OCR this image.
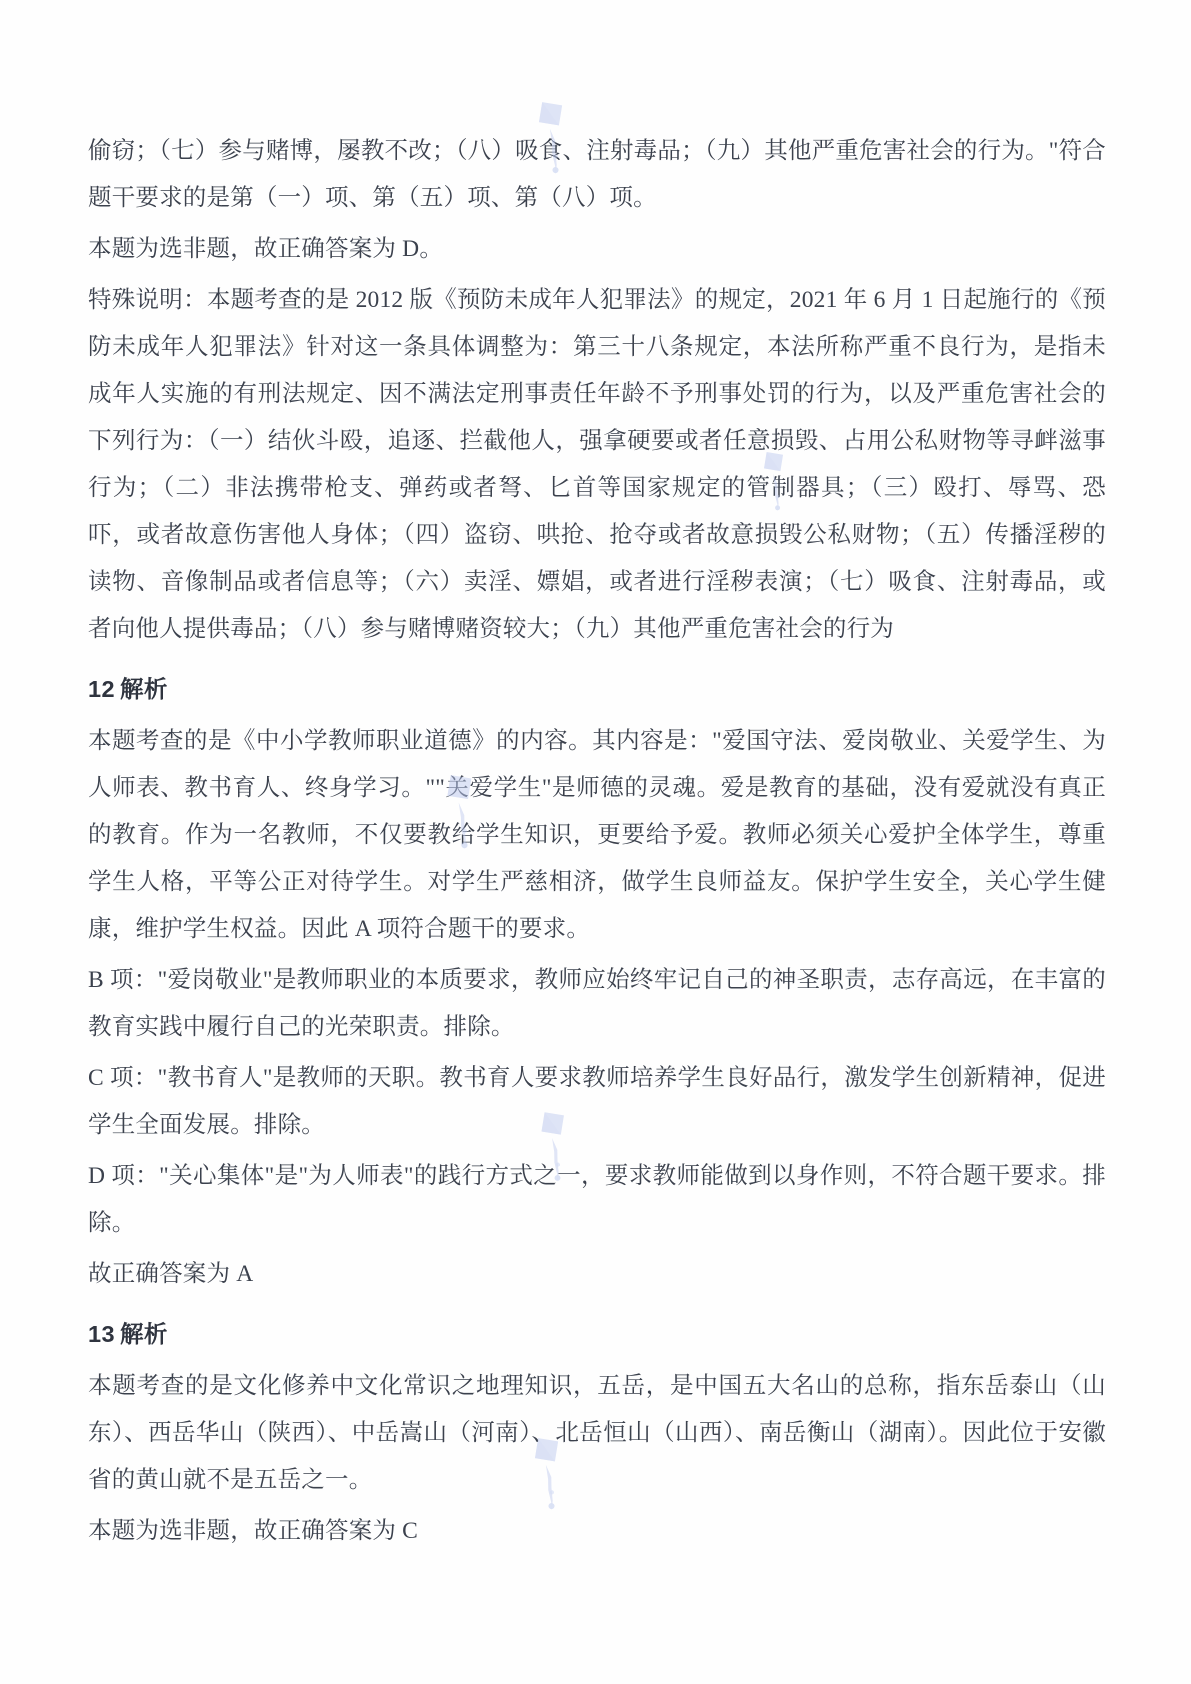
偷窃；（七）参与赌博，屡教不改；（八）吸食、注射毒品；（九）其他严重危害社会的行为。"符合题干要求的是第（一）项、第（五）项、第（八）项。

本题为选非题，故正确答案为 D。

特殊说明：本题考查的是 2012 版《预防未成年人犯罪法》的规定，2021 年 6 月 1 日起施行的《预防未成年人犯罪法》针对这一条具体调整为：第三十八条规定，本法所称严重不良行为，是指未成年人实施的有刑法规定、因不满法定刑事责任年龄不予刑事处罚的行为，以及严重危害社会的下列行为：（一）结伙斗殴，追逐、拦截他人，强拿硬要或者任意损毁、占用公私财物等寻衅滋事行为；（二）非法携带枪支、弹药或者弩、匕首等国家规定的管制器具；（三）殴打、辱骂、恐吓，或者故意伤害他人身体；（四）盗窃、哄抢、抢夺或者故意损毁公私财物；（五）传播淫秽的读物、音像制品或者信息等；（六）卖淫、嫖娼，或者进行淫秽表演；（七）吸食、注射毒品，或者向他人提供毒品；（八）参与赌博赌资较大；（九）其他严重危害社会的行为

12 解析

本题考查的是《中小学教师职业道德》的内容。其内容是："爱国守法、爱岗敬业、关爱学生、为人师表、教书育人、终身学习。""关爱学生"是师德的灵魂。爱是教育的基础，没有爱就没有真正的教育。作为一名教师，不仅要教给学生知识，更要给予爱。教师必须关心爱护全体学生，尊重学生人格，平等公正对待学生。对学生严慈相济，做学生良师益友。保护学生安全，关心学生健康，维护学生权益。因此 A 项符合题干的要求。

B 项："爱岗敬业"是教师职业的本质要求，教师应始终牢记自己的神圣职责，志存高远，在丰富的教育实践中履行自己的光荣职责。排除。

C 项："教书育人"是教师的天职。教书育人要求教师培养学生良好品行，激发学生创新精神，促进学生全面发展。排除。

D 项："关心集体"是"为人师表"的践行方式之一，要求教师能做到以身作则，不符合题干要求。排除。

故正确答案为 A

13 解析

本题考查的是文化修养中文化常识之地理知识，五岳，是中国五大名山的总称，指东岳泰山（山东）、西岳华山（陕西）、中岳嵩山（河南）、北岳恒山（山西）、南岳衡山（湖南）。因此位于安徽省的黄山就不是五岳之一。

本题为选非题，故正确答案为 C
